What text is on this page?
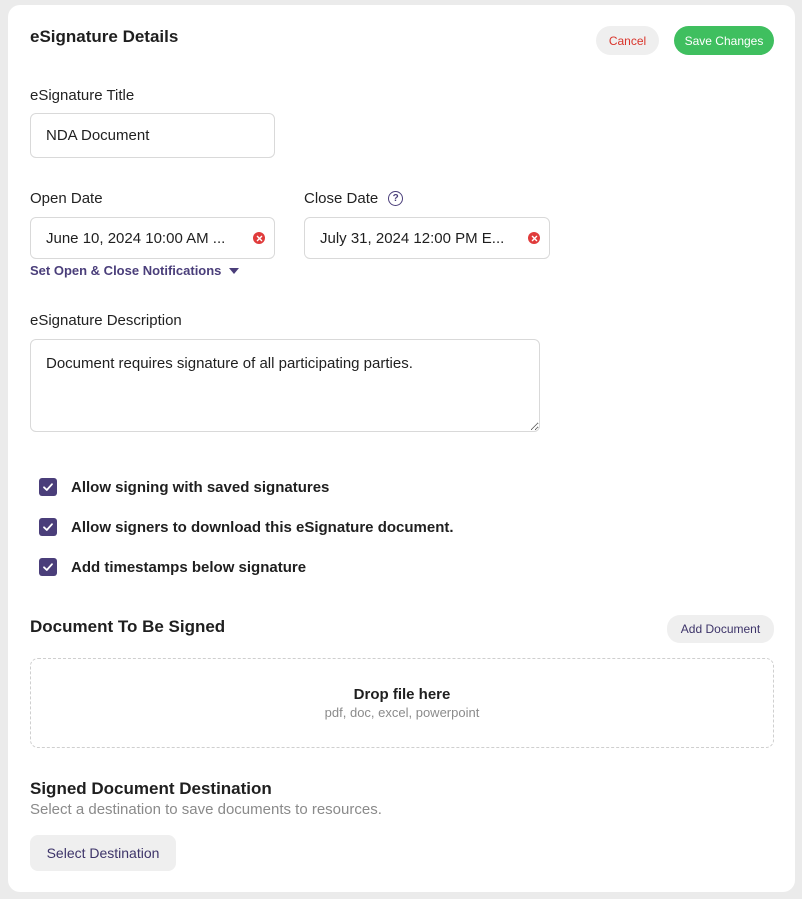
eSignature Details	Cancel	Save Changes
eSignature Title
NDA Document
Open Date
June 10, 2024 10:00 AM ...
Close Date	?
July 31, 2024 12:00 PM E...
Set Open & Close Notifications
eSignature Description
Document requires signature of all participating parties.
Allow signing with saved signatures
Allow signers to download this eSignature document.
Add timestamps below signature
Document To Be Signed	Add Document
Drop file here
pdf, doc, excel, powerpoint
Signed Document Destination
Select a destination to save documents to resources.
Select Destination
